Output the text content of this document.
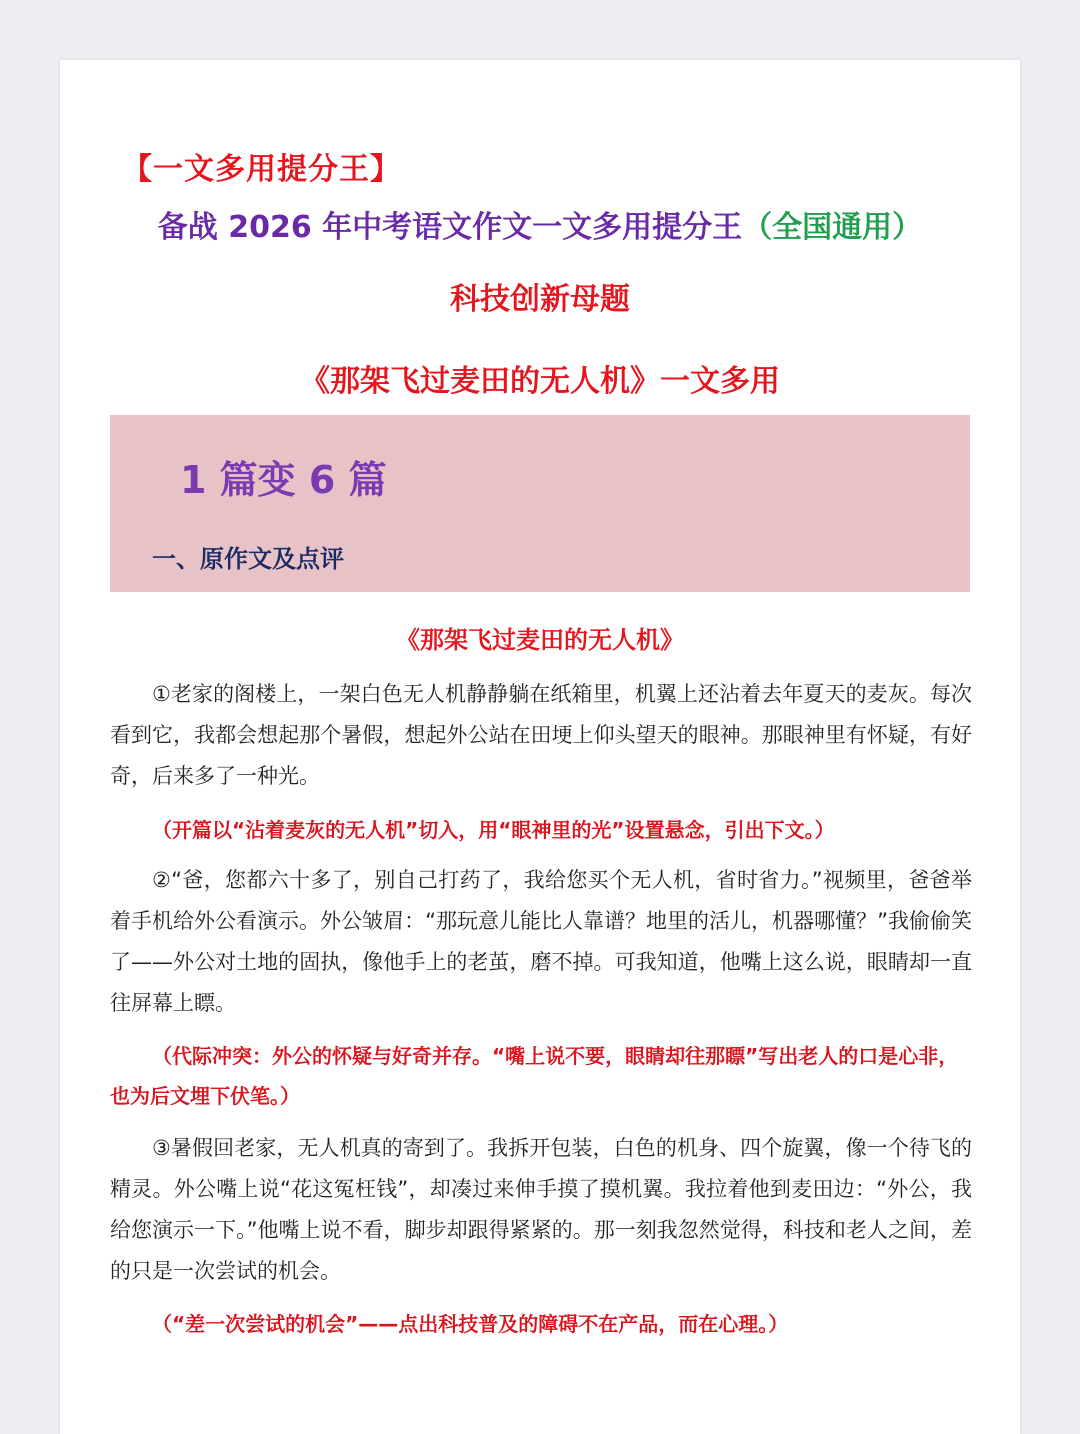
【一文多用提分王】
备战 2026 年中考语文作文一文多用提分王（全国通用）
科技创新母题
《那架飞过麦田的无人机》一文多用
1 篇变 6 篇
一、原作文及点评
《那架飞过麦田的无人机》

①老家的阁楼上，一架白色无人机静静躺在纸箱里，机翼上还沾着去年夏天的麦灰。每次看到它，我都会想起那个暑假，想起外公站在田埂上仰头望天的眼神。那眼神里有怀疑，有好奇，后来多了一种光。

（开篇以“沾着麦灰的无人机”切入，用“眼神里的光”设置悬念，引出下文。）

②“爸，您都六十多了，别自己打药了，我给您买个无人机，省时省力。”视频里，爸爸举着手机给外公看演示。外公皱眉：“那玩意儿能比人靠谱？地里的活儿，机器哪懂？”我偷偷笑了——外公对土地的固执，像他手上的老茧，磨不掉。可我知道，他嘴上这么说，眼睛却一直往屏幕上瞟。

（代际冲突：外公的怀疑与好奇并存。“嘴上说不要，眼睛却往那瞟”写出老人的口是心非，也为后文埋下伏笔。）

③暑假回老家，无人机真的寄到了。我拆开包装，白色的机身、四个旋翼，像一个待飞的精灵。外公嘴上说“花这冤枉钱”，却凑过来伸手摸了摸机翼。我拉着他到麦田边：“外公，我给您演示一下。”他嘴上说不看，脚步却跟得紧紧的。那一刻我忽然觉得，科技和老人之间，差的只是一次尝试的机会。

（“差一次尝试的机会”——点出科技普及的障碍不在产品，而在心理。）
